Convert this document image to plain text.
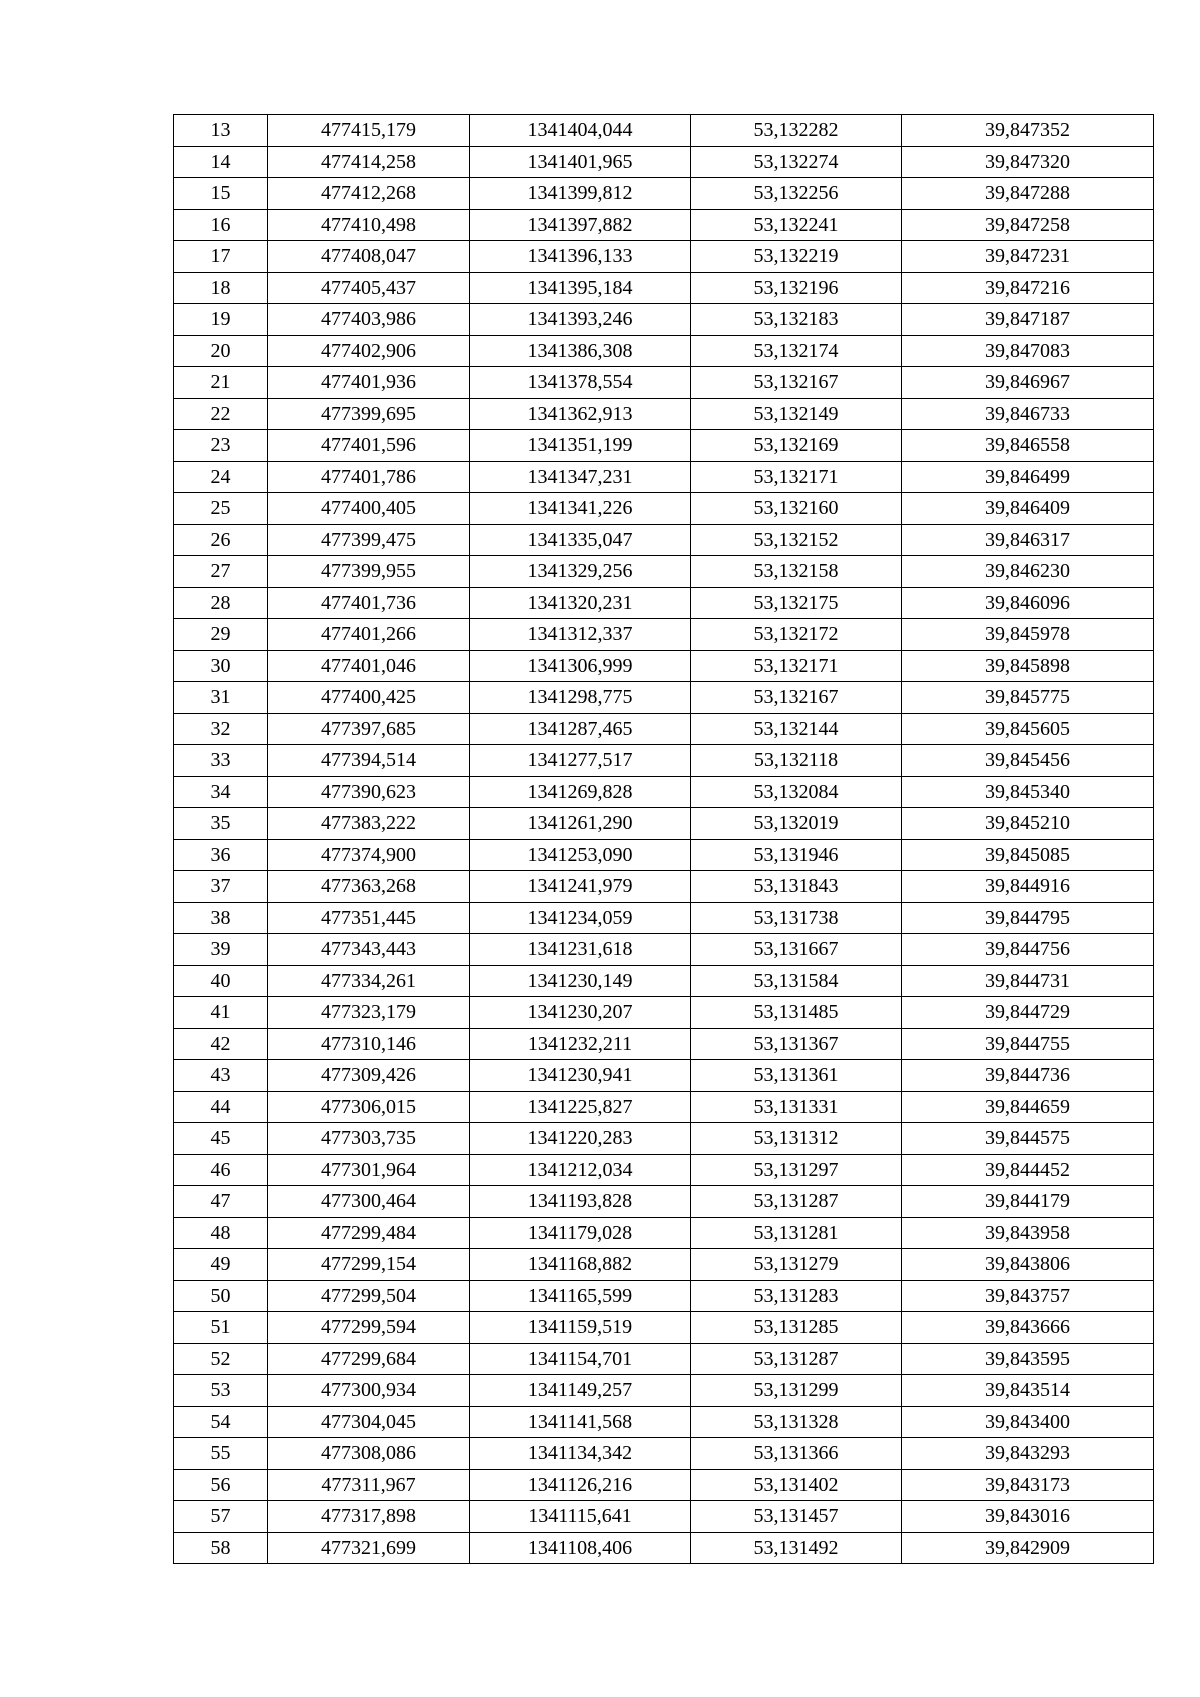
13	477415,179	1341404,044	53,132282	39,847352
14	477414,258	1341401,965	53,132274	39,847320
15	477412,268	1341399,812	53,132256	39,847288
16	477410,498	1341397,882	53,132241	39,847258
17	477408,047	1341396,133	53,132219	39,847231
18	477405,437	1341395,184	53,132196	39,847216
19	477403,986	1341393,246	53,132183	39,847187
20	477402,906	1341386,308	53,132174	39,847083
21	477401,936	1341378,554	53,132167	39,846967
22	477399,695	1341362,913	53,132149	39,846733
23	477401,596	1341351,199	53,132169	39,846558
24	477401,786	1341347,231	53,132171	39,846499
25	477400,405	1341341,226	53,132160	39,846409
26	477399,475	1341335,047	53,132152	39,846317
27	477399,955	1341329,256	53,132158	39,846230
28	477401,736	1341320,231	53,132175	39,846096
29	477401,266	1341312,337	53,132172	39,845978
30	477401,046	1341306,999	53,132171	39,845898
31	477400,425	1341298,775	53,132167	39,845775
32	477397,685	1341287,465	53,132144	39,845605
33	477394,514	1341277,517	53,132118	39,845456
34	477390,623	1341269,828	53,132084	39,845340
35	477383,222	1341261,290	53,132019	39,845210
36	477374,900	1341253,090	53,131946	39,845085
37	477363,268	1341241,979	53,131843	39,844916
38	477351,445	1341234,059	53,131738	39,844795
39	477343,443	1341231,618	53,131667	39,844756
40	477334,261	1341230,149	53,131584	39,844731
41	477323,179	1341230,207	53,131485	39,844729
42	477310,146	1341232,211	53,131367	39,844755
43	477309,426	1341230,941	53,131361	39,844736
44	477306,015	1341225,827	53,131331	39,844659
45	477303,735	1341220,283	53,131312	39,844575
46	477301,964	1341212,034	53,131297	39,844452
47	477300,464	1341193,828	53,131287	39,844179
48	477299,484	1341179,028	53,131281	39,843958
49	477299,154	1341168,882	53,131279	39,843806
50	477299,504	1341165,599	53,131283	39,843757
51	477299,594	1341159,519	53,131285	39,843666
52	477299,684	1341154,701	53,131287	39,843595
53	477300,934	1341149,257	53,131299	39,843514
54	477304,045	1341141,568	53,131328	39,843400
55	477308,086	1341134,342	53,131366	39,843293
56	477311,967	1341126,216	53,131402	39,843173
57	477317,898	1341115,641	53,131457	39,843016
58	477321,699	1341108,406	53,131492	39,842909
